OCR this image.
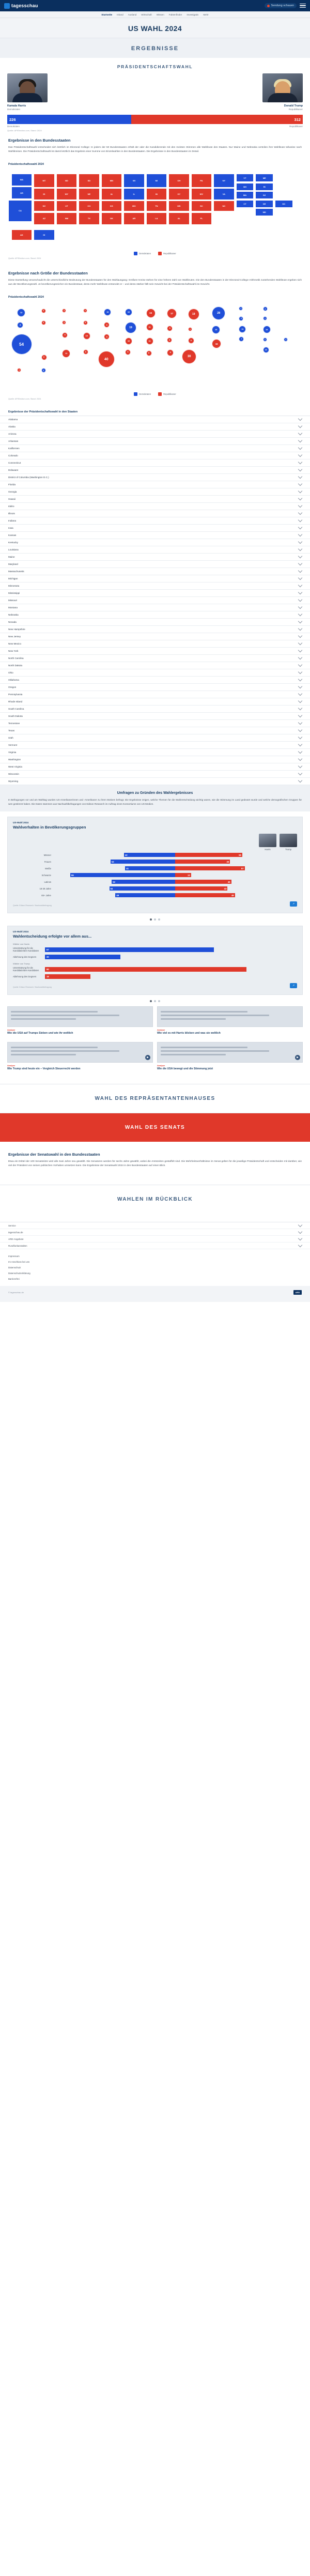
tagesschau	Sendung schauen
Startseite Inland Ausland Wirtschaft Wissen Faktenfinder Investigativ Mehr
US WAHL 2024
ERGEBNISSE
PRÄSIDENTSCHAFTSWAHL
Kamala Harris
Demokraten
Donald Trump
Republikaner
226	312
Demokraten	Republikaner
Quelle: AP/Election.com, Stand: 2024
Ergebnisse in den Bundesstaaten

Das Präsidentschaftswahl entscheidet sich letztlich im Electoral College: In jedem der 50 Bundesstaaten erhält der oder die Kandidierende mit den meisten Stimmen alle Wahlleute des Staates. Nur Maine und Nebraska verteilen ihre Wahlleute teilweise nach Wahlkreisen. Die Präsidentschaftswahl ist damit letztlich das Ergebnis einer Summe von Einzelwahlen in den Bundesstaaten. Die Ergebnisse in den Bundesstaaten im Detail.

Präsidentschaftswahl 2024
WA
OR
CA
MT
ID
NV
AZ
ND
WY
UT
NM
SD
NE
CO
TX
MN
IA
KS
OK
WI
IL
MO
AR
MI
IN
TN
LA
OH
KY
MS
AL
PA
WV
SC
FL
NY
VA
NC
VT
NH
MA
CT
ME
RI
NJ
DE
MD
DC
AK	HI
Demokraten	Republikaner
Quelle: AP/Election.com, Stand: 2024
Ergebnisse nach Größe der Bundesstaaten

Diese Darstellung veranschaulicht die unterschiedliche Bedeutung der Bundesstaaten für den Wahlausgang: Größere Kreise stehen für eine höhere Zahl von Wahlleuten. Die den Bundesstaaten in der Electoral-College-Arithmetik zustehenden Wahlleute ergeben sich aus der Bevölkerungszahl. Je bevölkerungsreicher ein Bundesstaat, desto mehr Wahlleute entsendet er – und desto stärker fällt sein Gewicht bei der Präsidentschaftswahl ins Gewicht.

Präsidentschaftswahl 2024
12
8
54
4
4
6
3
3
6
11
3
5
10
5
10
6
6
40
10
19
10
6
15
11
11
8
17
8
6
9
19
4
9
30
28
13
16
3
4
11
7
4
4
14
3
10
3
3	4
Demokraten	Republikaner
Quelle: AP/Election.com, Stand: 2024
Ergebnisse der Präsidentschaftswahl in den Staaten
Alabama
Alaska
Arizona
Arkansas
Kalifornien
Colorado
Connecticut
Delaware
District of Columbia (Washington D.C.)
Florida
Georgia
Hawaii
Idaho
Illinois
Indiana
Iowa
Kansas
Kentucky
Louisiana
Maine
Maryland
Massachusetts
Michigan
Minnesota
Mississippi
Missouri
Montana
Nebraska
Nevada
New Hampshire
New Jersey
New Mexico
New York
North Carolina
North Dakota
Ohio
Oklahoma
Oregon
Pennsylvania
Rhode Island
South Carolina
South Dakota
Tennessee
Texas
Utah
Vermont
Virginia
Washington
West Virginia
Wisconsin
Wyoming
Umfragen zu Gründen des Wahlergebnisses

In Befragungen vor und am Wahltag wurden US-Amerikanerinnen und -Amerikaner zu ihren Motiven befragt. Die Ergebnisse zeigen, welche Themen für die Wahlentscheidung wichtig waren, wie die Stimmung im Land gedeutet wurde und welche demografischen Gruppen für wen gestimmt haben. Die Daten stammen aus Nachwahlbefragungen von Edison Research im Auftrag eines Konsortiums von US-Medien.

US-Wahl 2024
Wahlverhalten in Bevölkerungsgruppen
Harris	Trump
Männer	42	55
Frauen	53	45
Weiße	41	57
Schwarze	86	13
Latinos	52	46
18-29 Jahre	54	43
65+ Jahre	49	49
Quelle: Edison Research / Nachwahlbefragung	↗
US-Wahl 2024
Wahlentscheidung erfolgte vor allem aus...
Wähler von Harris
Unterstützung für die Kandidatin/den Kandidaten	67
Ablehnung des Gegners	30
Wähler von Trump
Unterstützung für die Kandidatin/den Kandidaten	80
Ablehnung des Gegners	18
Quelle: Edison Research / Nachwahlbefragung	↗
Analyse
Wie die USA auf Trumps Sieben und wie ihr weltlich
Analyse
Wie viel es mit Harris blicken und was sie weltlich
▶
Analyse
Wie Trump sind heute ein – Vergleich Steuerrecht werden
▶
Analyse
Wie die USA bewegt und die Stimmung jetzt
WAHL DES REPRÄSENTANTENHAUSES
WAHL DES SENATS
Ergebnisse der Senatswahl in den Bundesstaaten

Etwa ein Drittel der 100 Senatssitze wird alle zwei Jahre neu gewählt. Die Senatoren werden für sechs Jahre gewählt, wobei die Amtszeiten gestaffelt sind. Die Mehrheitsverhältnisse im Senat gelten für die jeweilige Präsidentschaft und entscheiden mit darüber, wie viel der Präsident von seinen politischen Vorhaben umsetzen kann. Die Ergebnisse der Senatswahl 2024 in den Bundesstaaten auf einen Blick.

WAHLEN IM RÜCKBLICK
Service
tagesschau.de
ARD-Angebote
Rundfunkanstalten
Impressum
Im Anschluss bei uns
Datenschutz
Datenschutzerklärung
Barrierefrei
© tagesschau.de	ARD
